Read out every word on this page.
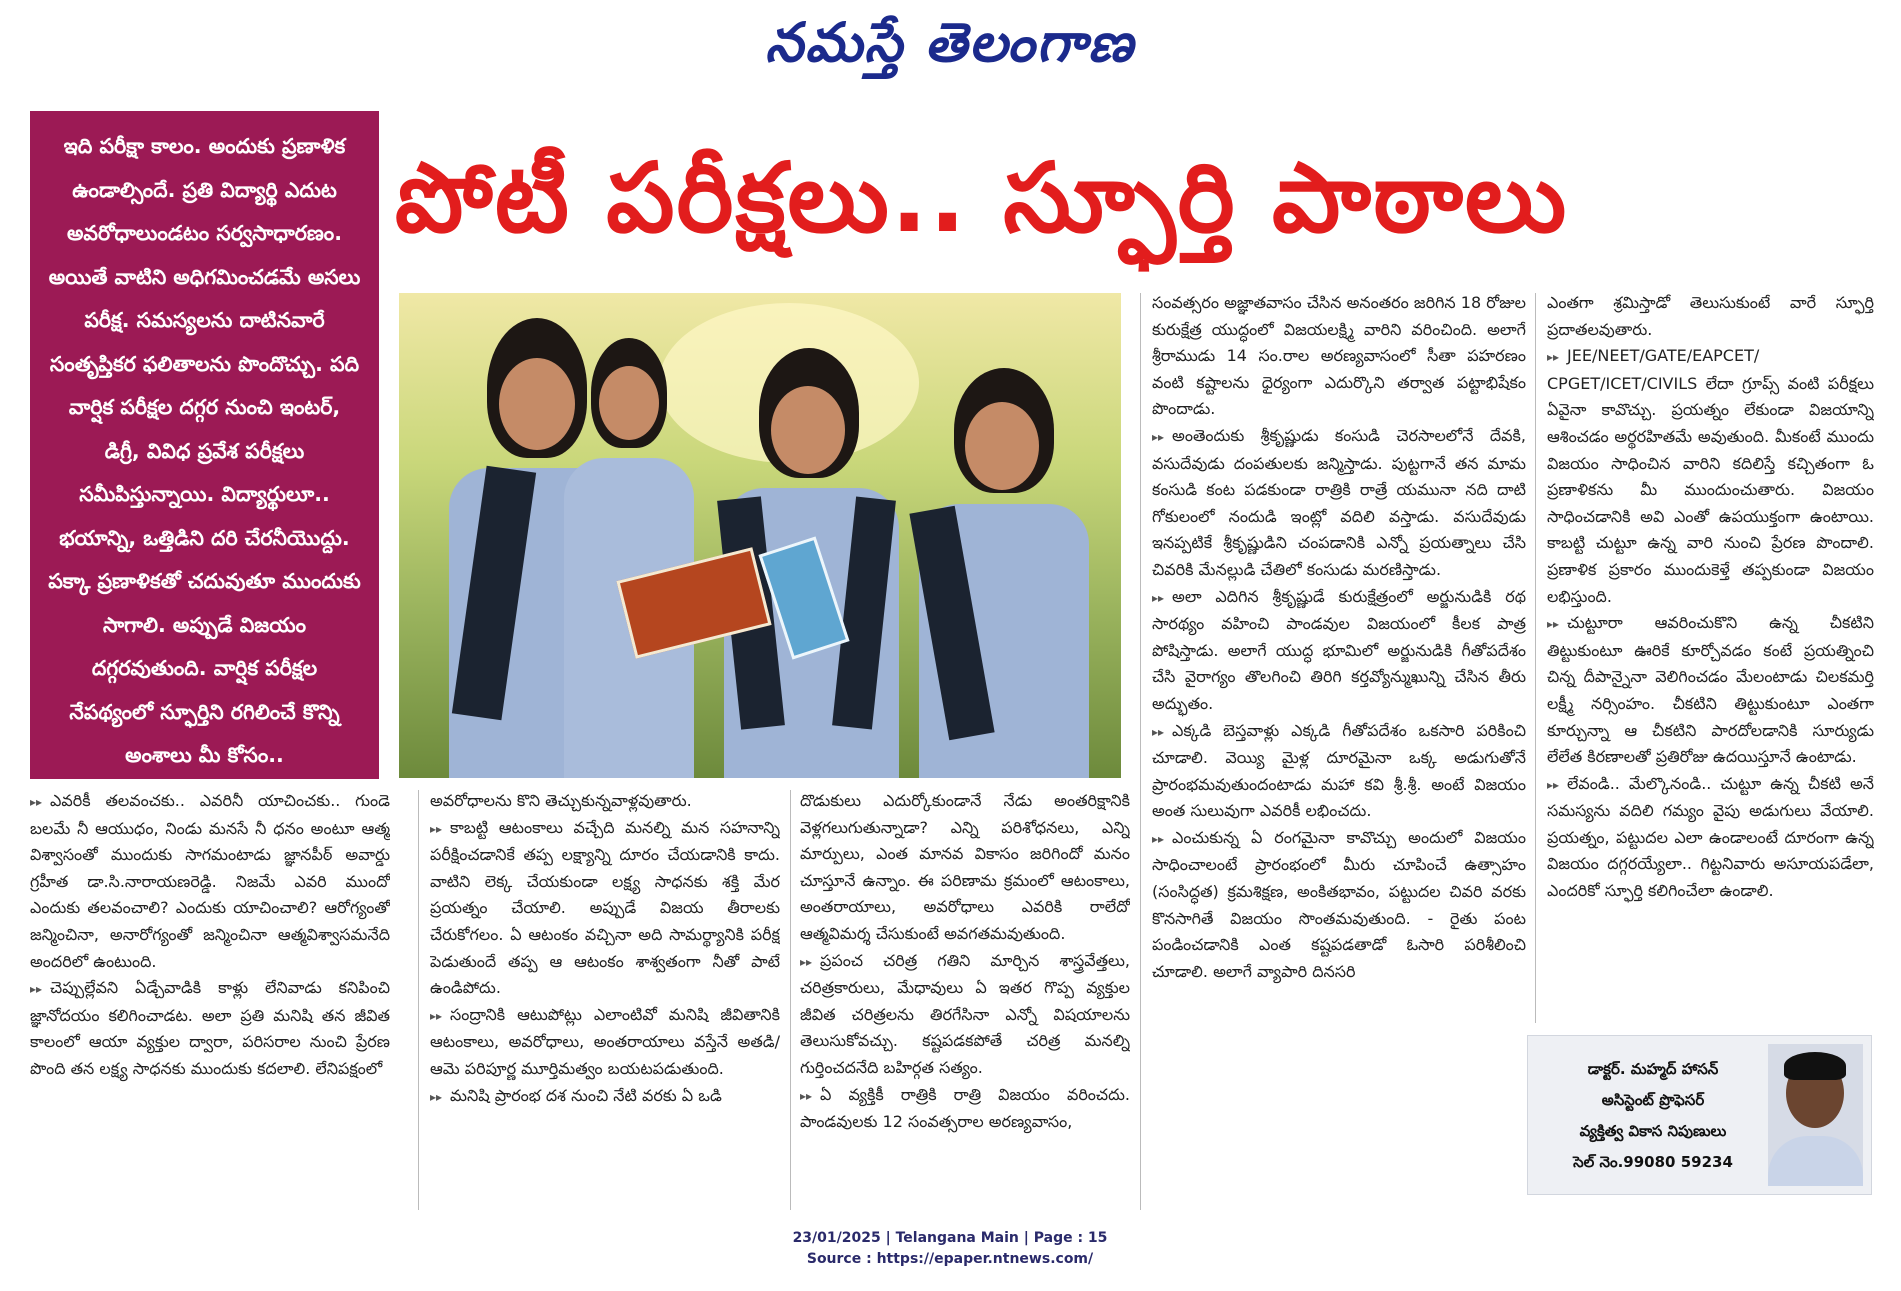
నమస్తే తెలంగాణ
ఇది పరీక్షా కాలం. అందుకు ప్రణాళిక ఉండాల్సిందే. ప్రతి విద్యార్థి ఎదుట అవరోధాలుండటం సర్వసాధారణం. అయితే వాటిని అధిగమించడమే అసలు పరీక్ష. సమస్యలను దాటినవారే సంతృప్తికర ఫలితాలను పొందొచ్చు. పది వార్షిక పరీక్షల దగ్గర నుంచి ఇంటర్, డిగ్రీ, వివిధ ప్రవేశ పరీక్షలు సమీపిస్తున్నాయి. విద్యార్థులూ.. భయాన్ని, ఒత్తిడిని దరి చేరనీయొద్దు. పక్కా ప్రణాళికతో చదువుతూ ముందుకు సాగాలి. అప్పుడే విజయం దగ్గరవుతుంది. వార్షిక పరీక్షల నేపథ్యంలో స్ఫూర్తిని రగిలించే కొన్ని అంశాలు మీ కోసం..
పోటీ పరీక్షలు.. స్ఫూర్తి పాఠాలు

▸▸ ఎవరికీ తలవంచకు.. ఎవరినీ యాచించకు.. గుండె బలమే నీ ఆయుధం, నిండు మనసే నీ ధనం అంటూ ఆత్మ విశ్వాసంతో ముందుకు సాగమంటాడు జ్ఞానపీఠ్ అవార్డు గ్రహీత డా.సి.నారాయణరెడ్డి. నిజమే ఎవరి ముందో ఎందుకు తలవంచాలి? ఎందుకు యాచించాలి? ఆరోగ్యంతో జన్మించినా, అనారోగ్యంతో జన్మించినా ఆత్మవిశ్వాసమనేది అందరిలో ఉంటుంది.

▸▸ చెప్పుల్లేవని ఏడ్చేవాడికి కాళ్లు లేనివాడు కనిపించి జ్ఞానోదయం కలిగించాడట. అలా ప్రతి మనిషి తన జీవిత కాలంలో ఆయా వ్యక్తుల ద్వారా, పరిసరాల నుంచి ప్రేరణ పొంది తన లక్ష్య సాధనకు ముందుకు కదలాలి. లేనిపక్షంలో

అవరోధాలను కొని తెచ్చుకున్నవాళ్లవుతారు.

▸▸ కాబట్టి ఆటంకాలు వచ్చేది మనల్ని మన సహనాన్ని పరీక్షించడానికే తప్ప లక్ష్యాన్ని దూరం చేయడానికి కాదు. వాటిని లెక్క చేయకుండా లక్ష్య సాధనకు శక్తి మేర ప్రయత్నం చేయాలి. అప్పుడే విజయ తీరాలకు చేరుకోగలం. ఏ ఆటంకం వచ్చినా అది సామర్థ్యానికి పరీక్ష పెడుతుందే తప్ప ఆ ఆటంకం శాశ్వతంగా నీతో పాటే ఉండిపోదు.

▸▸ సంద్రానికి ఆటుపోట్లు ఎలాంటివో మనిషి జీవితానికి ఆటంకాలు, అవరోధాలు, అంతరాయాలు వస్తేనే అతడి/ఆమె పరిపూర్ణ మూర్తిమత్వం బయటపడుతుంది.

▸▸ మనిషి ప్రారంభ దశ నుంచి నేటి వరకు ఏ ఒడి

దొడుకులు ఎదుర్కోకుండానే నేడు అంతరిక్షానికి వెళ్లగలుగుతున్నాడా? ఎన్ని పరిశోధనలు, ఎన్ని మార్పులు, ఎంత మానవ వికాసం జరిగిందో మనం చూస్తూనే ఉన్నాం. ఈ పరిణామ క్రమంలో ఆటంకాలు, అంతరాయాలు, అవరోధాలు ఎవరికి రాలేదో ఆత్మవిమర్శ చేసుకుంటే అవగతమవుతుంది.

▸▸ ప్రపంచ చరిత్ర గతిని మార్చిన శాస్త్రవేత్తలు, చరిత్రకారులు, మేధావులు ఏ ఇతర గొప్ప వ్యక్తుల జీవిత చరిత్రలను తిరగేసినా ఎన్నో విషయాలను తెలుసుకోవచ్చు. కష్టపడకపోతే చరిత్ర మనల్ని గుర్తించదనేది బహిర్గత సత్యం.

▸▸ ఏ వ్యక్తికీ రాత్రికి రాత్రి విజయం వరించదు. పాండవులకు 12 సంవత్సరాల అరణ్యవాసం,

సంవత్సరం అజ్ఞాతవాసం చేసిన అనంతరం జరిగిన 18 రోజుల కురుక్షేత్ర యుద్ధంలో విజయలక్ష్మి వారిని వరించింది. అలాగే శ్రీరాముడు 14 సం.రాల అరణ్యవాసంలో సీతా పహరణం వంటి కష్టాలను ధైర్యంగా ఎదుర్కొని తర్వాత పట్టాభిషేకం పొందాడు.

▸▸ అంతెందుకు శ్రీకృష్ణుడు కంసుడి చెరసాలలోనే దేవకి, వసుదేవుడు దంపతులకు జన్మిస్తాడు. పుట్టగానే తన మామ కంసుడి కంట పడకుండా రాత్రికి రాత్రే యమునా నది దాటి గోకులంలో నందుడి ఇంట్లో వదిలి వస్తాడు. వసుదేవుడు ఇనప్పటికే శ్రీకృష్ణుడిని చంపడానికి ఎన్నో ప్రయత్నాలు చేసి చివరికి మేనల్లుడి చేతిలో కంసుడు మరణిస్తాడు.

▸▸ అలా ఎదిగిన శ్రీకృష్ణుడే కురుక్షేత్రంలో అర్జునుడికి రథ సారథ్యం వహించి పాండవుల విజయంలో కీలక పాత్ర పోషిస్తాడు. అలాగే యుద్ధ భూమిలో అర్జునుడికి గీతోపదేశం చేసి వైరాగ్యం తొలగించి తిరిగి కర్తవ్యోన్ముఖున్ని చేసిన తీరు అద్భుతం.

▸▸ ఎక్కడి బెస్తవాళ్లు ఎక్కడి గీతోపదేశం ఒకసారి పరికించి చూడాలి. వెయ్యి మైళ్ల దూరమైనా ఒక్క అడుగుతోనే ప్రారంభమవుతుందంటాడు మహా కవి శ్రీ.శ్రీ. అంటే విజయం అంత సులువుగా ఎవరికీ లభించదు.

▸▸ ఎంచుకున్న ఏ రంగమైనా కావొచ్చు అందులో విజయం సాధించాలంటే ప్రారంభంలో మీరు చూపించే ఉత్సాహం (సంసిద్ధత) క్రమశిక్షణ, అంకితభావం, పట్టుదల చివరి వరకు కొనసాగితే విజయం సొంతమవుతుంది. - రైతు పంట పండించడానికి ఎంత కష్టపడతాడో ఓసారి పరిశీలించి చూడాలి. అలాగే వ్యాపారి దినసరి

ఎంతగా శ్రమిస్తాడో తెలుసుకుంటే వారే స్ఫూర్తి ప్రదాతలవుతారు.

▸▸ JEE/NEET/GATE/EAPCET/ CPGET/ICET/CIVILS లేదా గ్రూప్స్ వంటి పరీక్షలు ఏవైనా కావొచ్చు. ప్రయత్నం లేకుండా విజయాన్ని ఆశించడం అర్థరహితమే అవుతుంది. మీకంటే ముందు విజయం సాధించిన వారిని కదిలిస్తే కచ్చితంగా ఓ ప్రణాళికను మీ ముందుంచుతారు. విజయం సాధించడానికి అవి ఎంతో ఉపయుక్తంగా ఉంటాయి. కాబట్టి చుట్టూ ఉన్న వారి నుంచి ప్రేరణ పొందాలి. ప్రణాళిక ప్రకారం ముందుకెళ్తే తప్పకుండా విజయం లభిస్తుంది.

▸▸ చుట్టూరా ఆవరించుకొని ఉన్న చీకటిని తిట్టుకుంటూ ఊరికే కూర్చోవడం కంటే ప్రయత్నించి చిన్న దీపాన్నైనా వెలిగించడం మేలంటాడు చిలకమర్తి లక్ష్మీ నర్సింహం. చీకటిని తిట్టుకుంటూ ఎంతగా కూర్చున్నా ఆ చీకటిని పారదోలడానికి సూర్యుడు లేలేత కిరణాలతో ప్రతిరోజు ఉదయిస్తూనే ఉంటాడు.

▸▸ లేవండి.. మేల్కొనండి.. చుట్టూ ఉన్న చీకటి అనే సమస్యను వదిలి గమ్యం వైపు అడుగులు వేయాలి. ప్రయత్నం, పట్టుదల ఎలా ఉండాలంటే దూరంగా ఉన్న విజయం దగ్గరయ్యేలా.. గిట్టనివారు అసూయపడేలా, ఎందరికో స్ఫూర్తి కలిగించేలా ఉండాలి.

డాక్టర్. మహ్మద్ హాసన్
అసిస్టెంట్ ప్రొఫెసర్
వ్యక్తిత్వ వికాస నిపుణులు
సెల్ నెం.99080 59234
23/01/2025 | Telangana Main | Page : 15
Source : https://epaper.ntnews.com/
